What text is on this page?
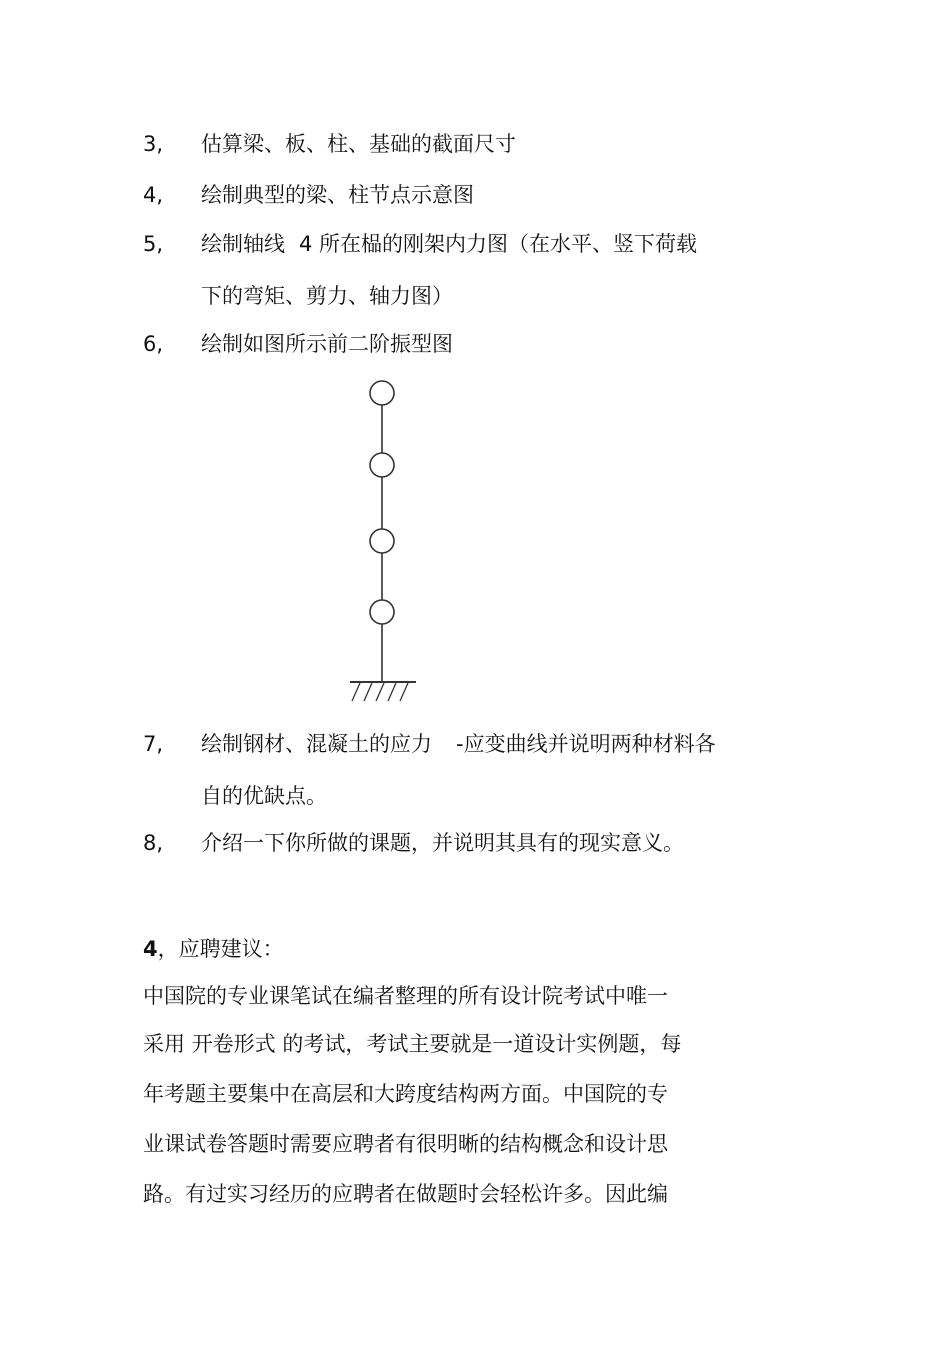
3, 估算梁、板、柱、基础的截面尺寸
4, 绘制典型的梁、柱节点示意图
5, 绘制轴线 4 所在榀的刚架内力图（在水平、竖下荷载
下的弯矩、剪力、轴力图）
6, 绘制如图所示前二阶振型图
7, 绘制钢材、混凝土的应力 -应变曲线并说明两种材料各
自的优缺点。
8, 介绍一下你所做的课题，并说明其具有的现实意义。
4，应聘建议：
中国院的专业课笔试在编者整理的所有设计院考试中唯一
采用 开卷形式 的考试，考试主要就是一道设计实例题，每
年考题主要集中在高层和大跨度结构两方面。中国院的专
业课试卷答题时需要应聘者有很明晰的结构概念和设计思
路。有过实习经历的应聘者在做题时会轻松许多。因此编
